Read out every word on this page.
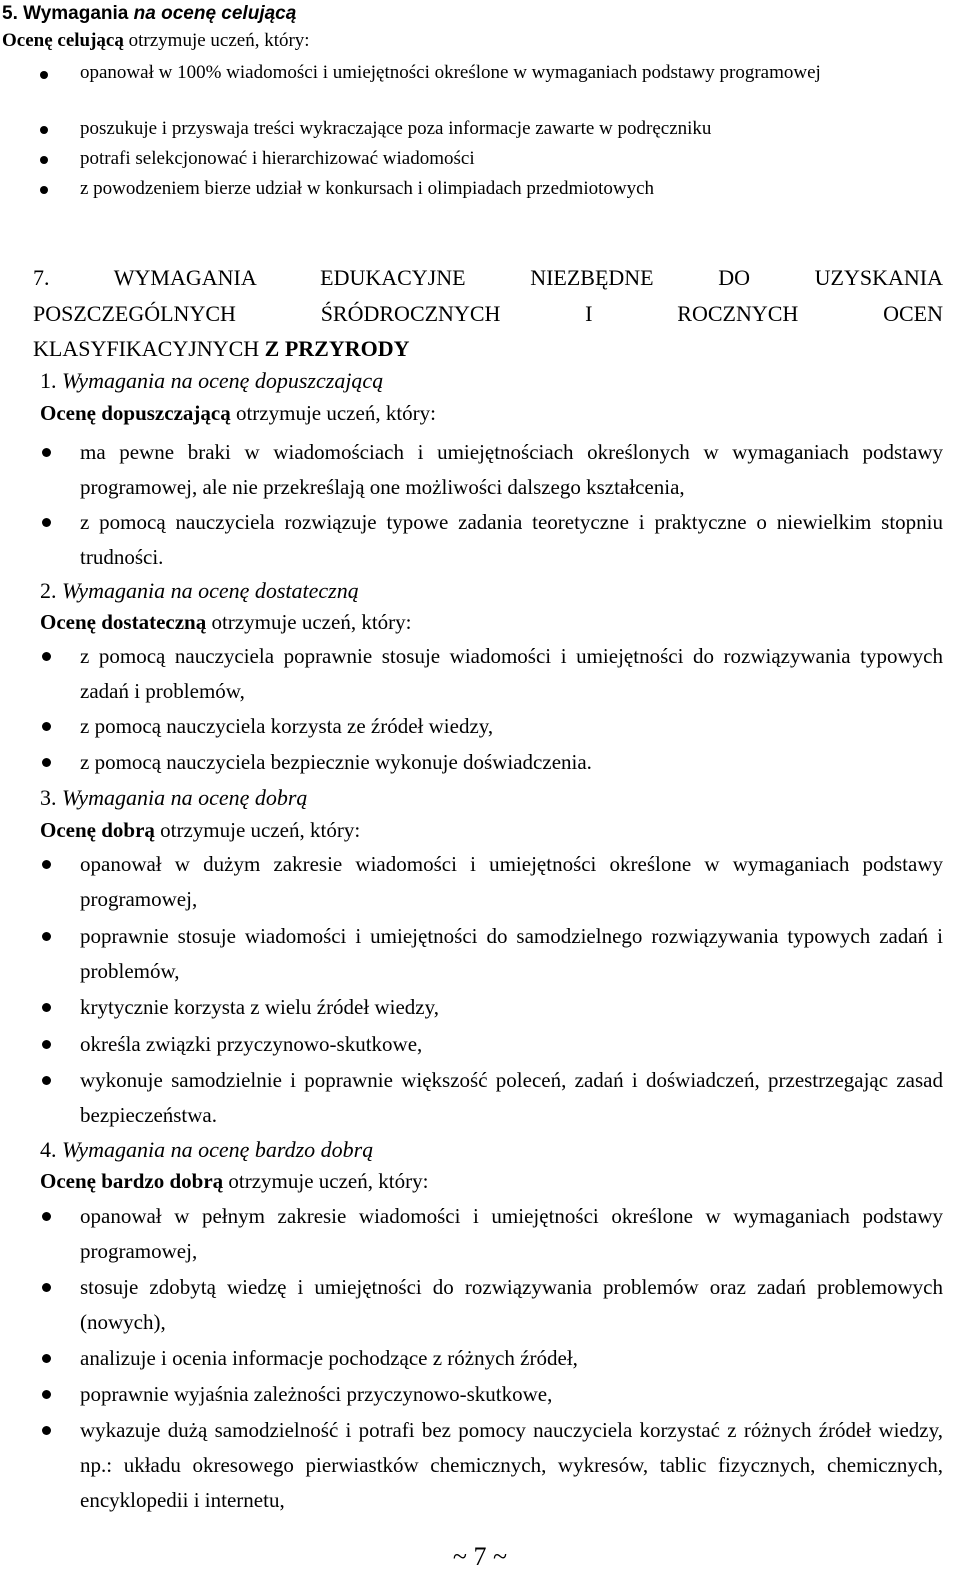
5. Wymagania na ocenę celującą
Ocenę celującą otrzymuje uczeń, który:
opanował w 100% wiadomości i umiejętności określone w wymaganiach podstawy programowej
poszukuje i przyswaja treści wykraczające poza informacje zawarte w podręczniku
potrafi selekcjonować i hierarchizować wiadomości
z powodzeniem bierze udział w konkursach i olimpiadach przedmiotowych
7. WYMAGANIA EDUKACYJNE NIEZBĘDNE DO UZYSKANIA
POSZCZEGÓLNYCH ŚRÓDROCZNYCH I ROCZNYCH OCEN
KLASYFIKACYJNYCH Z PRZYRODY
1. Wymagania na ocenę dopuszczającą
Ocenę dopuszczającą otrzymuje uczeń, który:
ma pewne braki w wiadomościach i umiejętnościach określonych w wymaganiach podstawy programowej, ale nie przekreślają one możliwości dalszego kształcenia,
z pomocą nauczyciela rozwiązuje typowe zadania teoretyczne i praktyczne o niewielkim stopniu trudności.
2. Wymagania na ocenę dostateczną
Ocenę dostateczną otrzymuje uczeń, który:
z pomocą nauczyciela poprawnie stosuje wiadomości i umiejętności do rozwiązywania typowych zadań i problemów,
z pomocą nauczyciela korzysta ze źródeł wiedzy,
z pomocą nauczyciela bezpiecznie wykonuje doświadczenia.
3. Wymagania na ocenę dobrą
Ocenę dobrą otrzymuje uczeń, który:
opanował w dużym zakresie wiadomości i umiejętności określone w wymaganiach podstawy programowej,
poprawnie stosuje wiadomości i umiejętności do samodzielnego rozwiązywania typowych zadań i problemów,
krytycznie korzysta z wielu źródeł wiedzy,
określa związki przyczynowo-skutkowe,
wykonuje samodzielnie i poprawnie większość poleceń, zadań i doświadczeń, przestrzegając zasad bezpieczeństwa.
4. Wymagania na ocenę bardzo dobrą
Ocenę bardzo dobrą otrzymuje uczeń, który:
opanował w pełnym zakresie wiadomości i umiejętności określone w wymaganiach podstawy programowej,
stosuje zdobytą wiedzę i umiejętności do rozwiązywania problemów oraz zadań problemowych (nowych),
analizuje i ocenia informacje pochodzące z różnych źródeł,
poprawnie wyjaśnia zależności przyczynowo-skutkowe,
wykazuje dużą samodzielność i potrafi bez pomocy nauczyciela korzystać z różnych źródeł wiedzy, np.: układu okresowego pierwiastków chemicznych, wykresów, tablic fizycznych, chemicznych, encyklopedii i internetu,
~ 7 ~
